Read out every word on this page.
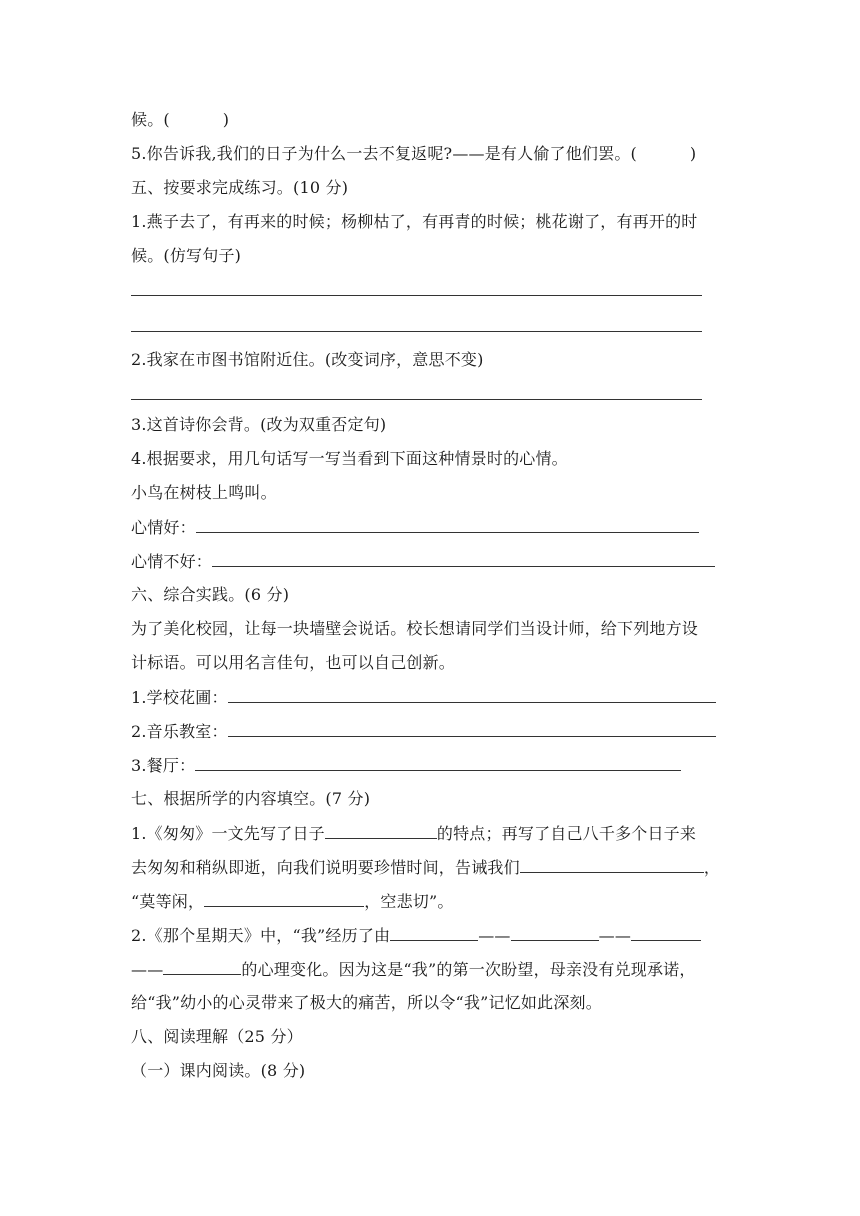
候。(          )
5.你告诉我,我们的日子为什么一去不复返呢?——是有人偷了他们罢。(          )
五、按要求完成练习。(10 分)
1.燕子去了，有再来的时候；杨柳枯了，有再青的时候；桃花谢了，有再开的时
候。(仿写句子)
2.我家在市图书馆附近住。(改变词序，意思不变)
3.这首诗你会背。(改为双重否定句)
4.根据要求，用几句话写一写当看到下面这种情景时的心情。
小鸟在树枝上鸣叫。
心情好：
心情不好：
六、综合实践。(6 分)
为了美化校园，让每一块墙壁会说话。校长想请同学们当设计师，给下列地方设
计标语。可以用名言佳句，也可以自己创新。
1.学校花圃：
2.音乐教室：
3.餐厅：
七、根据所学的内容填空。(7 分)
1.《匆匆》一文先写了日子	的特点；再写了自己八千多个日子来
去匆匆和稍纵即逝，向我们说明要珍惜时间，告诫我们	，
“莫等闲，	，空悲切”。
2.《那个星期天》中，“我”经历了由	——	——
——	的心理变化。因为这是“我”的第一次盼望，母亲没有兑现承诺，
给“我”幼小的心灵带来了极大的痛苦，所以令“我”记忆如此深刻。
八、阅读理解（25 分）
（一）课内阅读。(8 分)
